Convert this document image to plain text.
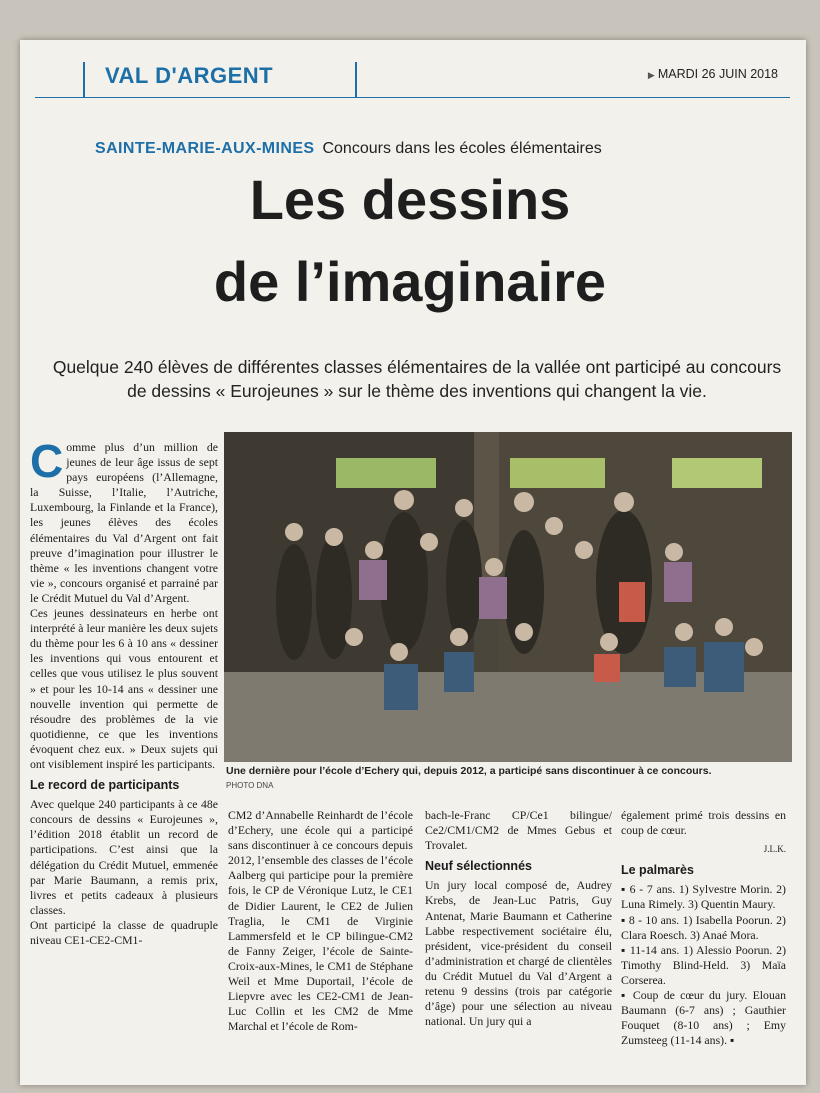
VAL D'ARGENT
▶	MARDI 26 JUIN 2018
SAINTE-MARIE-AUX-MINES Concours dans les écoles élémentaires
Les dessins
de l’imaginaire
Quelque 240 élèves de différentes classes élémentaires de la vallée ont participé au concours de dessins « Eurojeunes » sur le thème des inventions qui changent la vie.
Une dernière pour l’école d’Echery qui, depuis 2012, a participé sans discontinuer à ce concours.
PHOTO DNA
C omme plus d’un million de jeunes de leur âge issus de sept pays européens (l’Allemagne, la Suisse, l’Italie, l’Autriche, Luxembourg, la Finlande et la France), les jeunes élèves des écoles élémentaires du Val d’Argent ont fait preuve d’imagination pour illustrer le thème « les inventions changent votre vie », concours organisé et parrainé par le Crédit Mutuel du Val d’Argent.

Ces jeunes dessinateurs en herbe ont interprété à leur manière les deux sujets du thème pour les 6 à 10 ans « dessiner les inventions qui vous entourent et celles que vous utilisez le plus souvent » et pour les 10-14 ans « dessiner une nouvelle invention qui permette de résoudre des problèmes de la vie quotidienne, ce que les inventions évoquent chez eux. » Deux sujets qui ont visiblement inspiré les participants.

Le record de participants

Avec quelque 240 participants à ce 48e concours de dessins « Eurojeunes », l’édition 2018 établit un record de participations. C’est ainsi que la délégation du Crédit Mutuel, emmenée par Marie Baumann, a remis prix, livres et petits cadeaux à plusieurs classes.

Ont participé la classe de quadruple niveau CE1-CE2-CM1-

CM2 d’Annabelle Reinhardt de l’école d’Echery, une école qui a participé sans discontinuer à ce concours depuis 2012, l’ensemble des classes de l’école Aalberg qui participe pour la première fois, le CP de Véronique Lutz, le CE1 de Didier Laurent, le CE2 de Julien Traglia, le CM1 de Virginie Lammersfeld et le CP bilingue-CM2 de Fanny Zeiger, l’école de Sainte-Croix-aux-Mines, le CM1 de Stéphane Weil et Mme Duportail, l’école de Liepvre avec les CE2-CM1 de Jean-Luc Collin et les CM2 de Mme Marchal et l’école de Rom-

bach-le-Franc CP/Ce1 bilingue/ Ce2/CM1/CM2 de Mmes Gebus et Trovalet.

Neuf sélectionnés

Un jury local composé de, Audrey Krebs, de Jean-Luc Patris, Guy Antenat, Marie Baumann et Catherine Labbe respectivement sociétaire élu, président, vice-président du conseil d’administration et chargé de clientèles du Crédit Mutuel du Val d’Argent a retenu 9 dessins (trois par catégorie d’âge) pour une sélection au niveau national. Un jury qui a

également primé trois dessins en coup de cœur.

J.L.K.
Le palmarès

▪ 6 - 7 ans. 1) Sylvestre Morin. 2) Luna Rimely. 3) Quentin Maury.

▪ 8 - 10 ans. 1) Isabella Poorun. 2) Clara Roesch. 3) Anaé Mora.

▪ 11-14 ans. 1) Alessio Poorun. 2) Timothy Blind-Held. 3) Maïa Corserea.

▪ Coup de cœur du jury. Elouan Baumann (6-7 ans) ; Gauthier Fouquet (8-10 ans) ; Emy Zumsteeg (11-14 ans). ▪
